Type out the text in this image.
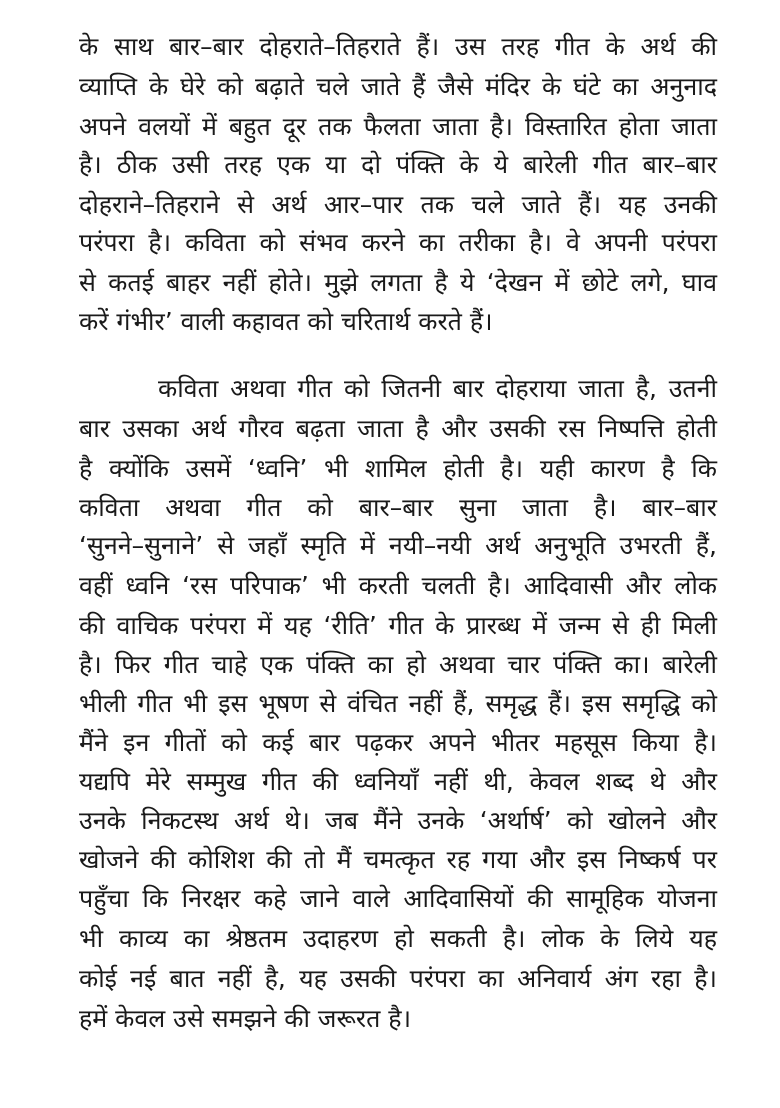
के साथ बार–बार दोहराते–तिहराते हैं। उस तरह गीत के अर्थ की
व्याप्ति के घेरे को बढ़ाते चले जाते हैं जैसे मंदिर के घंटे का अनुनाद
अपने वलयों में बहुत दूर तक फैलता जाता है। विस्तारित होता जाता
है। ठीक उसी तरह एक या दो पंक्ति के ये बारेली गीत बार–बार
दोहराने–तिहराने से अर्थ आर–पार तक चले जाते हैं। यह उनकी
परंपरा है। कविता को संभव करने का तरीका है। वे अपनी परंपरा
से कतई बाहर नहीं होते। मुझे लगता है ये ‘देखन में छोटे लगे, घाव
करें गंभीर’ वाली कहावत को चरितार्थ करते हैं।
कविता अथवा गीत को जितनी बार दोहराया जाता है, उतनी
बार उसका अर्थ गौरव बढ़ता जाता है और उसकी रस निष्पत्ति होती
है क्योंकि उसमें ‘ध्वनि’ भी शामिल होती है। यही कारण है कि
कविता अथवा गीत को बार–बार सुना जाता है। बार–बार
‘सुनने–सुनाने’ से जहाँ स्मृति में नयी–नयी अर्थ अनुभूति उभरती हैं,
वहीं ध्वनि ‘रस परिपाक’ भी करती चलती है। आदिवासी और लोक
की वाचिक परंपरा में यह ‘रीति’ गीत के प्रारब्ध में जन्म से ही मिली
है। फिर गीत चाहे एक पंक्ति का हो अथवा चार पंक्ति का। बारेली
भीली गीत भी इस भूषण से वंचित नहीं हैं, समृद्ध हैं। इस समृद्धि को
मैंने इन गीतों को कई बार पढ़कर अपने भीतर महसूस किया है।
यद्यपि मेरे सम्मुख गीत की ध्वनियाँ नहीं थी, केवल शब्द थे और
उनके निकटस्थ अर्थ थे। जब मैंने उनके ‘अर्थार्ष’ को खोलने और
खोजने की कोशिश की तो मैं चमत्कृत रह गया और इस निष्कर्ष पर
पहुँचा कि निरक्षर कहे जाने वाले आदिवासियों की सामूहिक योजना
भी काव्य का श्रेष्ठतम उदाहरण हो सकती है। लोक के लिये यह
कोई नई बात नहीं है, यह उसकी परंपरा का अनिवार्य अंग रहा है।
हमें केवल उसे समझने की जरूरत है।
